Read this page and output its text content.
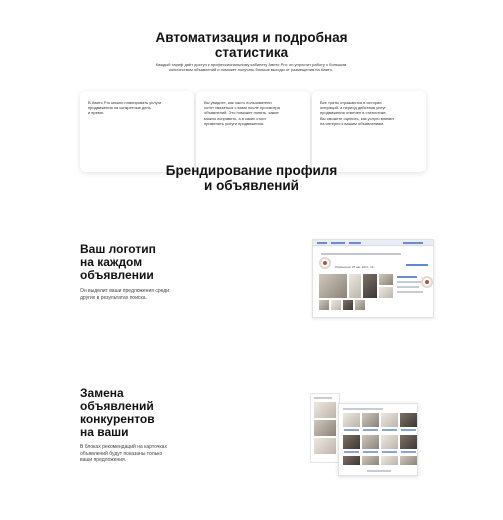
Автоматизация и подробная
статистика
Каждый тариф даёт доступ к профессиональному кабинету Авито Pro: он упростит работу с большим
количеством объявлений и поможет получать больше выгоды от размещения на Авито.
В Авито Pro можно планировать услуги
продвижения на конкретные день
и время.
Вы увидите, как часто пользователи
хотят связаться с вами после просмотра
объявлений. Это поможет понять, какие
можно исправить, а в каких стоит
применить услуги продвижения.
Все траты отражаются в истории
операций, а период действия услуг
продвижения отмечен в статистике.
Вы сможете оценить, как услуги влияют
на интерес к вашим объявлениям.
Брендирование профиля
и объявлений
Ваш логотип
на каждом
объявлении
Он выделит ваши предложения среди
других в результатах поиска.
Размещено 25 авг. 2017, 14:...
Замена
объявлений
конкурентов
на ваши
В блоках рекомендаций на карточках
объявлений будут показаны только
ваши предложения.
